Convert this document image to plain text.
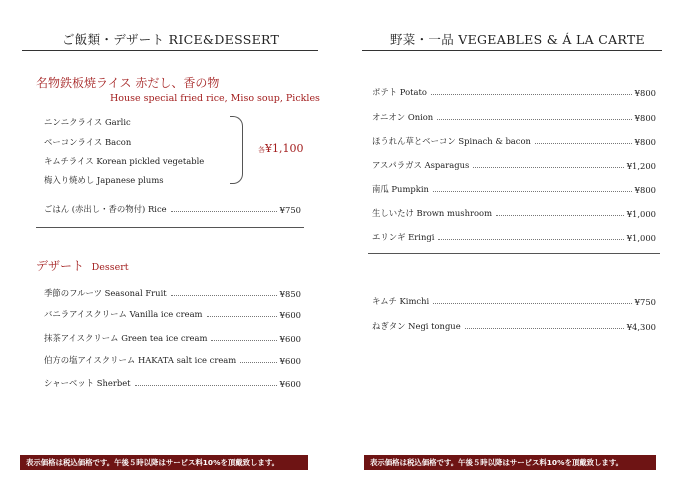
ご飯類・デザート RICE&DESSERT
名物鉄板焼ライス 赤だし、香の物
House special fried rice, Miso soup, Pickles
ニンニクライス Garlic
ベーコンライス Bacon
キムチライス Korean pickled vegetable
梅入り焼めし Japanese plums
各¥1,100
ごはん (赤出し・香の物付) Rice	¥750
デザート Dessert
季節のフルーツ Seasonal Fruit	¥850
バニラアイスクリーム Vanilla ice cream	¥600
抹茶アイスクリーム Green tea ice cream	¥600
伯方の塩アイスクリーム HAKATA salt ice cream	¥600
シャーベット Sherbet	¥600
表示価格は税込価格です。午後５時以降はサービス料10%を頂戴致します。
野菜・一品 VEGEABLES & Á LA CARTE
ポテト Potato	¥800
オニオン Onion	¥800
ほうれん草とベーコン Spinach & bacon	¥800
アスパラガス Asparagus	¥1,200
南瓜 Pumpkin	¥800
生しいたけ Brown mushroom	¥1,000
エリンギ Eringi	¥1,000
キムチ Kimchi	¥750
ねぎタン Negi tongue	¥4,300
表示価格は税込価格です。午後５時以降はサービス料10%を頂戴致します。
